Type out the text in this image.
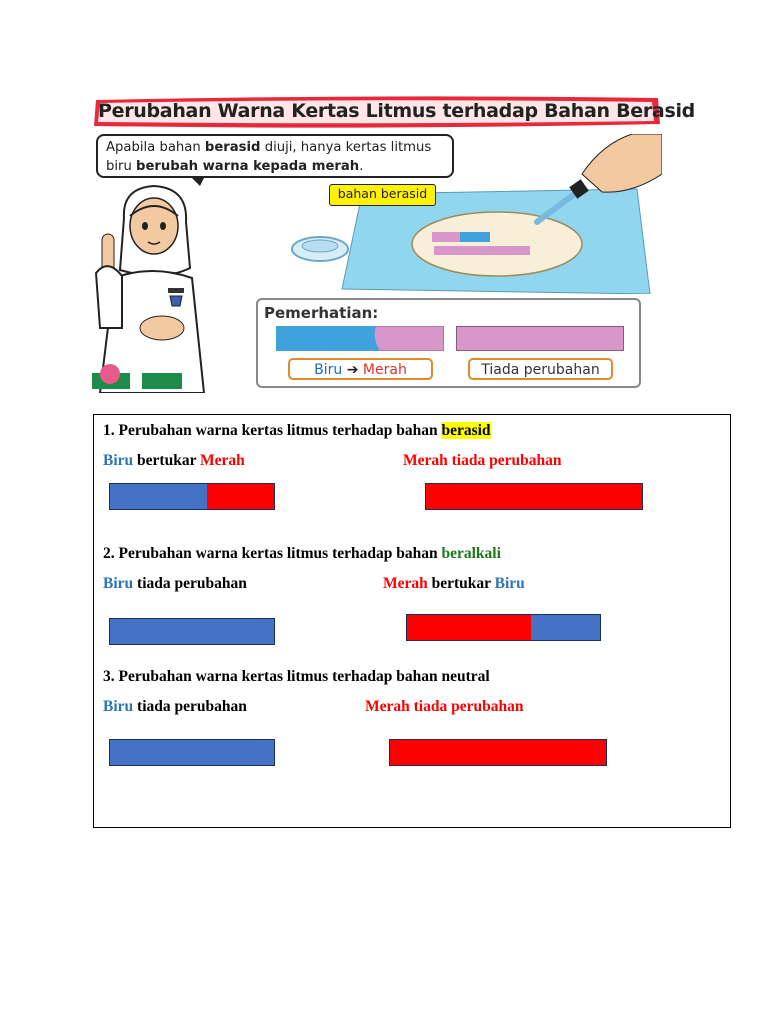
Perubahan Warna Kertas Litmus terhadap Bahan Berasid
Apabila bahan berasid diuji, hanya kertas litmus biru berubah warna kepada merah.
bahan berasid
Pemerhatian:
Biru ➔ Merah	Tiada perubahan
1. Perubahan warna kertas litmus terhadap bahan berasid
Biru bertukar Merah	Merah tiada perubahan
2. Perubahan warna kertas litmus terhadap bahan beralkali
Biru tiada perubahan	Merah bertukar Biru
3. Perubahan warna kertas litmus terhadap bahan neutral
Biru tiada perubahan	Merah tiada perubahan
